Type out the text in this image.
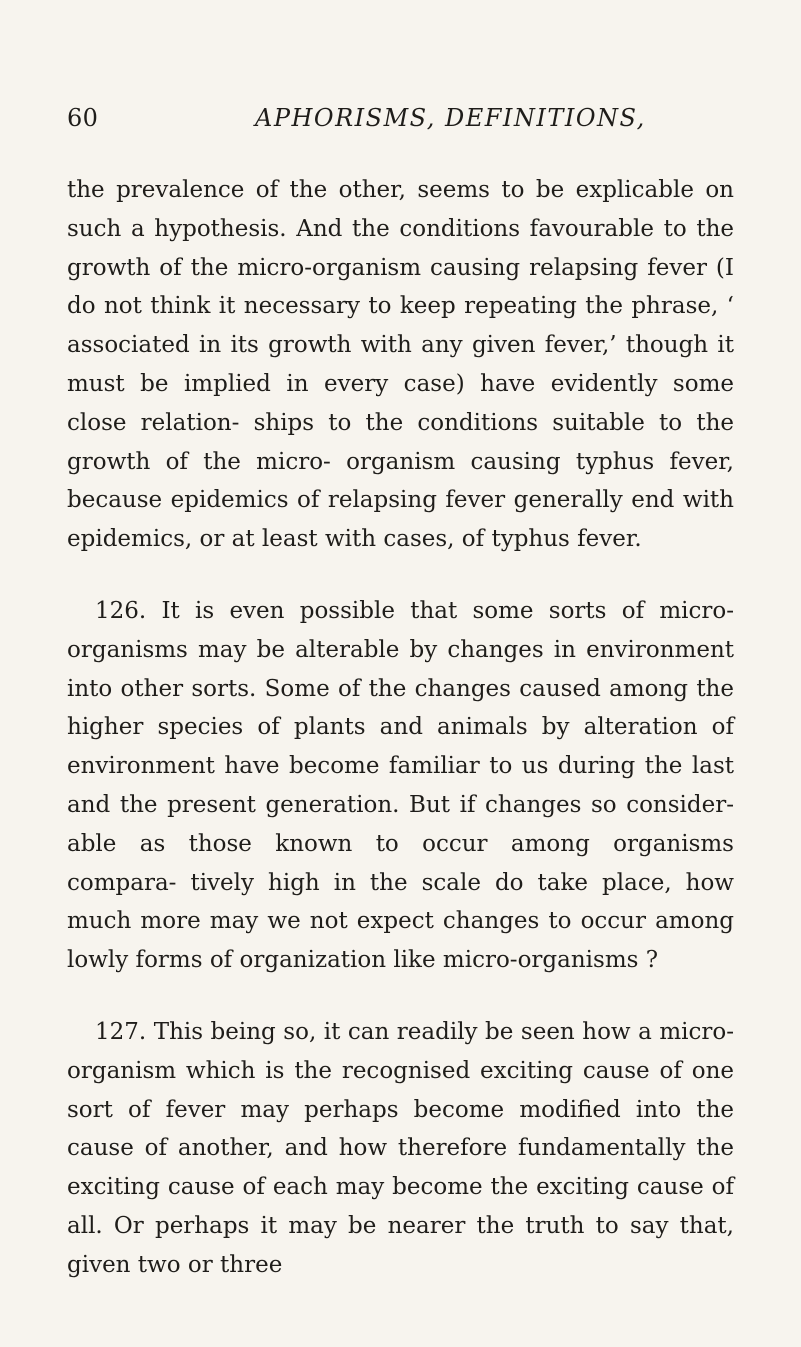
60	APHORISMS, DEFINITIONS,

the prevalence of the other, seems to be explicable on such a hypothesis. And the conditions favourable to the growth of the micro-organism causing relapsing fever (I do not think it necessary to keep repeating the phrase, ‘ associated in its growth with any given fever,’ though it must be implied in every case) have evidently some close relation- ships to the conditions suitable to the growth of the micro- organism causing typhus fever, because epidemics of relapsing fever generally end with epidemics, or at least with cases, of typhus fever.

126. It is even possible that some sorts of micro- organisms may be alterable by changes in environment into other sorts. Some of the changes caused among the higher species of plants and animals by alteration of environment have become familiar to us during the last and the present generation. But if changes so consider- able as those known to occur among organisms compara- tively high in the scale do take place, how much more may we not expect changes to occur among lowly forms of organization like micro-organisms ?

127. This being so, it can readily be seen how a micro- organism which is the recognised exciting cause of one sort of fever may perhaps become modified into the cause of another, and how therefore fundamentally the exciting cause of each may become the exciting cause of all. Or perhaps it may be nearer the truth to say that, given two or three
